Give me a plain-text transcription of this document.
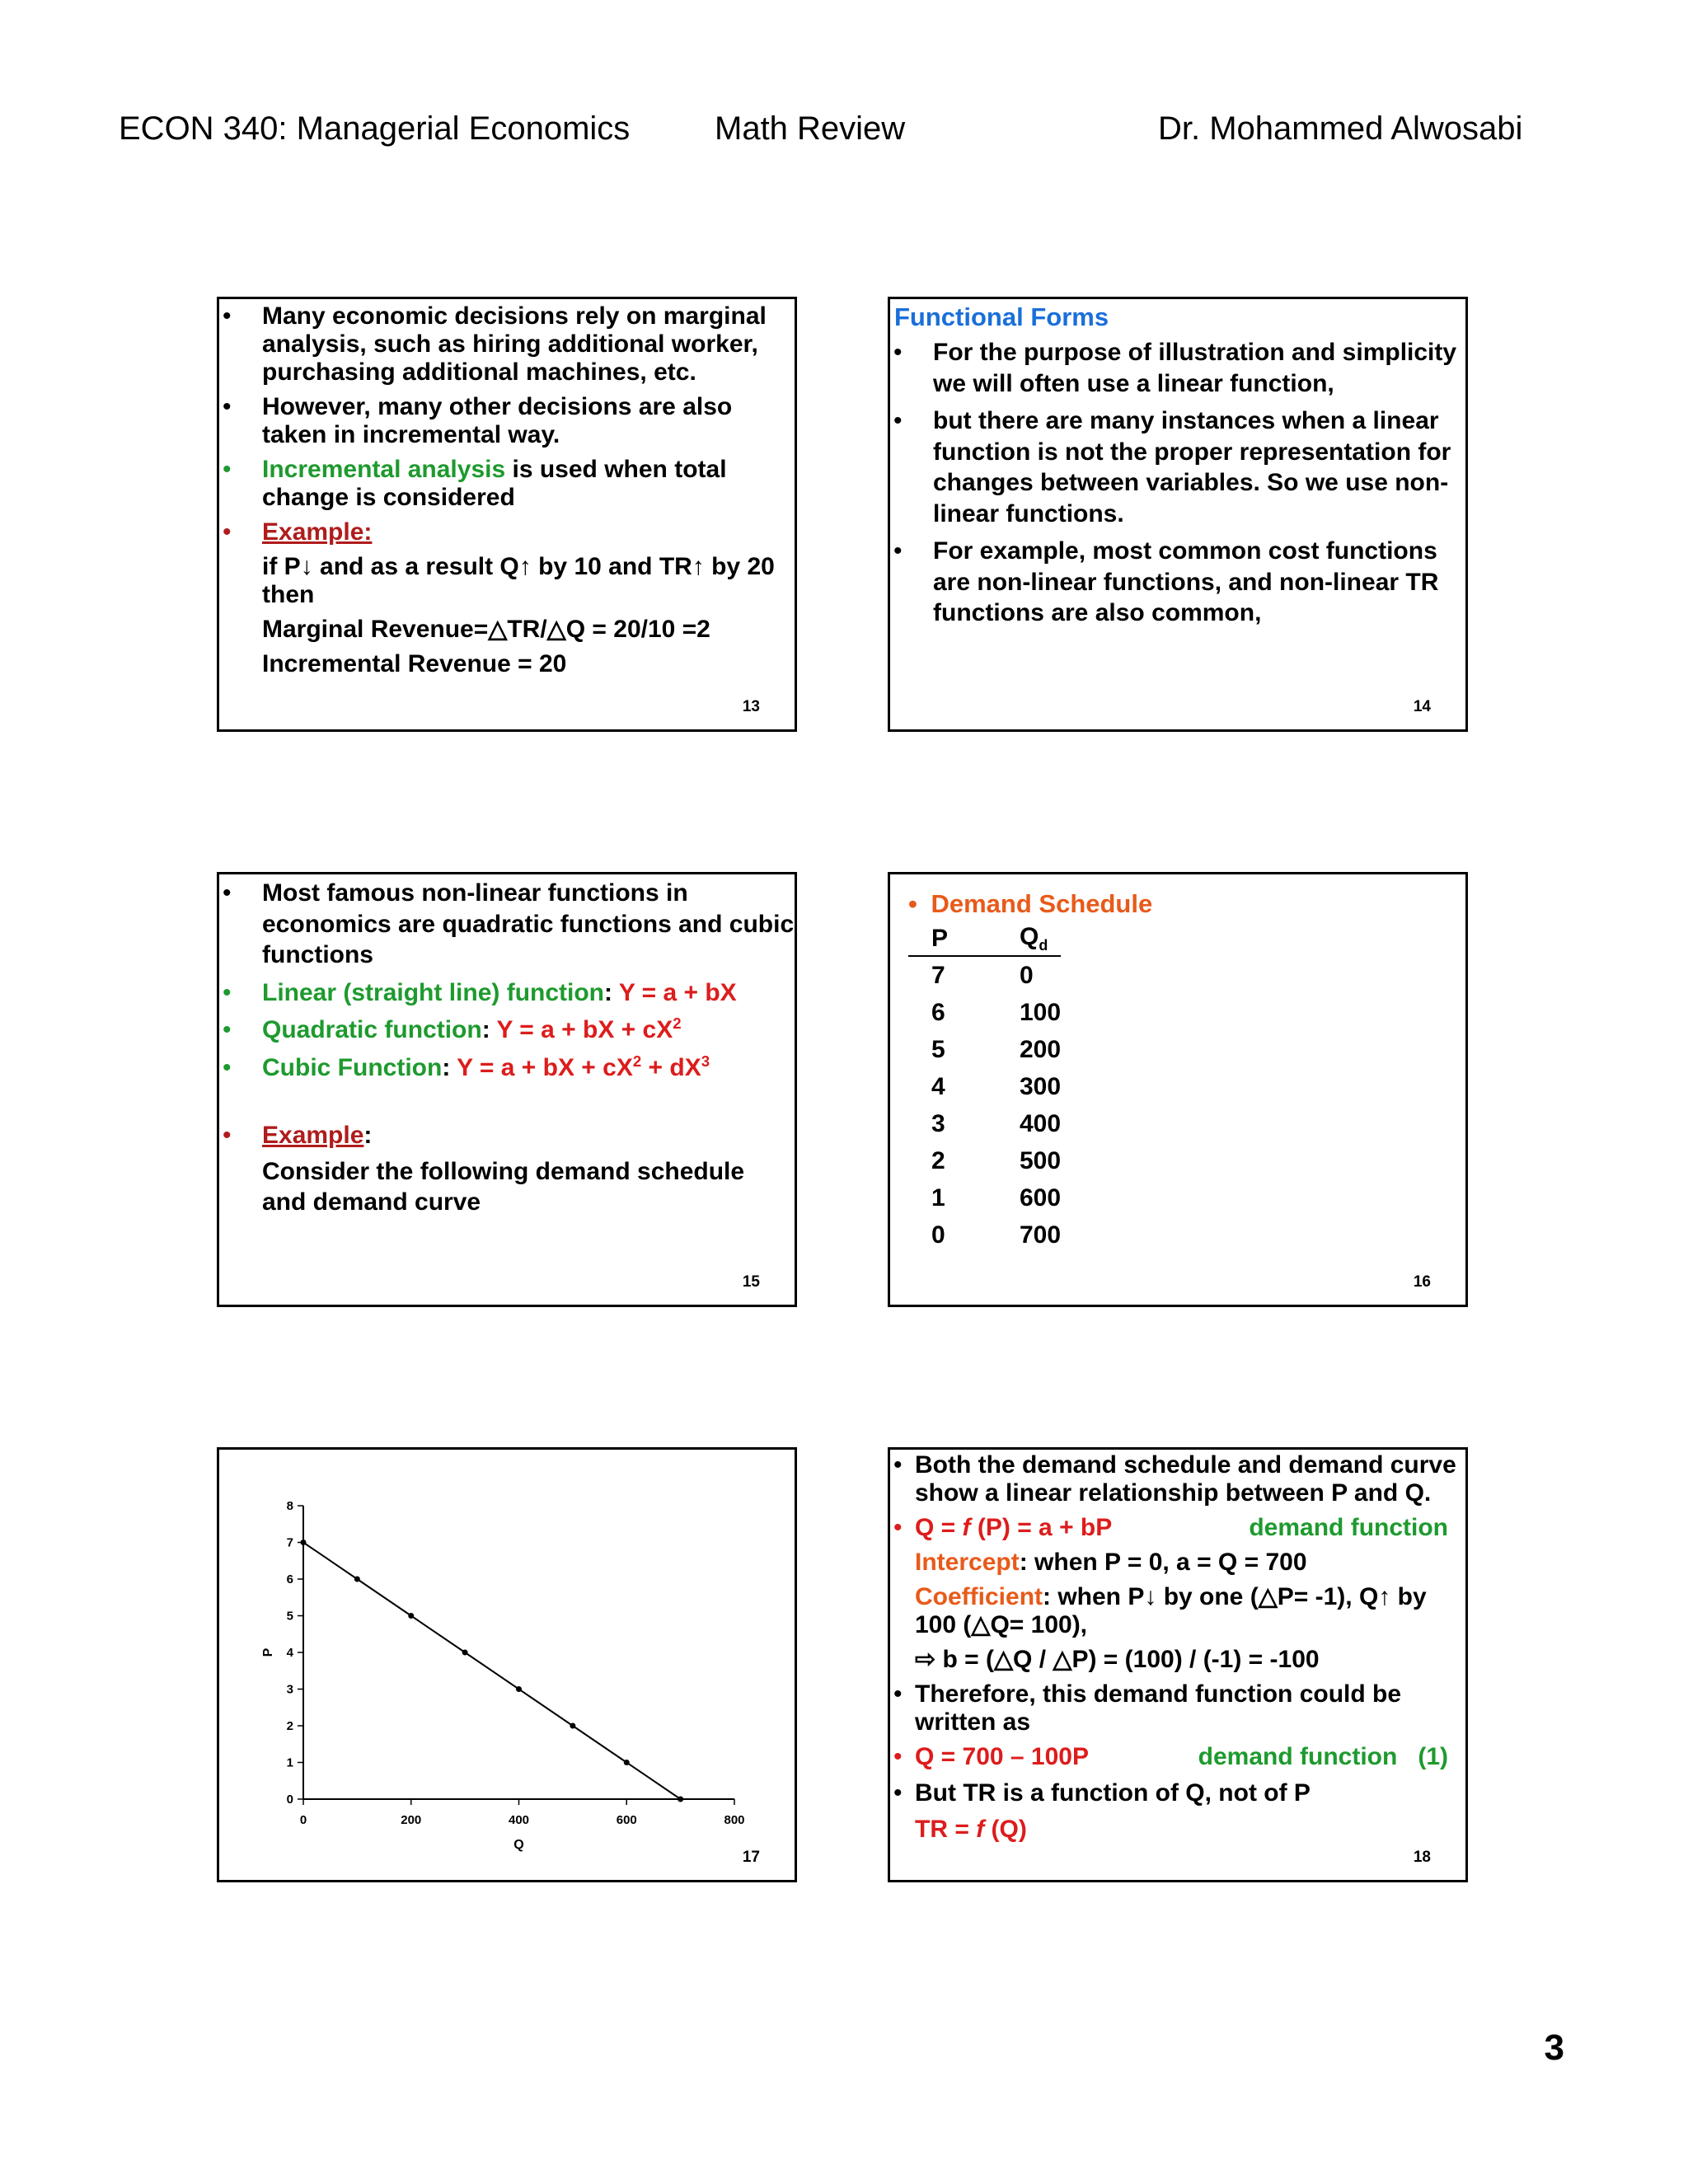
ECON 340: Managerial Economics	Math Review	Dr. Mohammed Alwosabi
• Many economic decisions rely on marginal analysis, such as hiring additional worker, purchasing additional machines, etc.
• However, many other decisions are also taken in incremental way.
• Incremental analysis is used when total change is considered
• Example:
if P↓ and as a result Q↑ by 10 and TR↑ by 20 then
Marginal Revenue=△TR/△Q = 20/10 =2
Incremental Revenue = 20
13
Functional Forms
• For the purpose of illustration and simplicity we will often use a linear function,
• but there are many instances when a linear function is not the proper representation for changes between variables. So we use non-linear functions.
• For example, most common cost functions are non-linear functions, and non-linear TR functions are also common,
14
• Most famous non-linear functions in economics are quadratic functions and cubic functions
• Linear (straight line) function: Y = a + bX
• Quadratic function: Y = a + bX + $cX^2$
• Cubic Function: Y = a + bX + $cX^2 + dX^3$
• Example:
Consider the following demand schedule and demand curve
15
• Demand Schedule
P	$Q_d$
7	0
6	100
5	200
4	300
3	400
2	500
1	600
0	700
16
0	200	400	600	800
0
1
2
3
4
5
6
7
8
Q
P
17
• Both the demand schedule and demand curve show a linear relationship between P and Q.
• Q = f (P) = a + bP	demand function
Intercept: when P = 0, a = Q = 700
Coefficient: when P↓ by one (△P= -1), Q↑ by 100 (△Q= 100),
⇨ b = (△Q / △P) = (100) / (-1) = -100
• Therefore, this demand function could be written as
• Q = 700 – 100P	demand function   (1)
• But TR is a function of Q, not of P
TR = f (Q)
18
3
